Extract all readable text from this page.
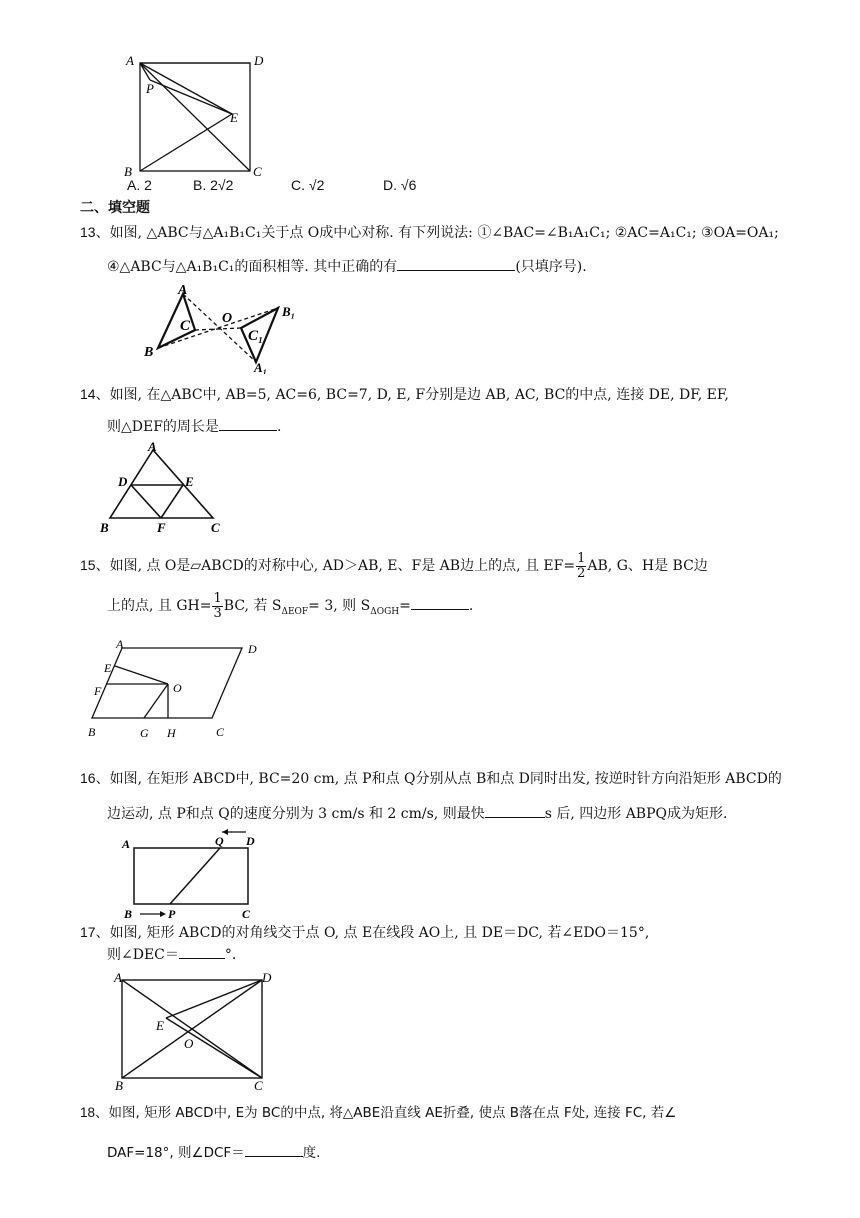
A	D
P
E
B	C
A. 2	B. 2√2	C. √2	D. √6
二、填空题
13、如图, △ABC与△A₁B₁C₁关于点 O成中心对称. 有下列说法: ①∠BAC=∠B₁A₁C₁; ②AC=A₁C₁; ③OA=OA₁;
④△ABC与△A₁B₁C₁的面积相等. 其中正确的有	(只填序号).
A
B
C O	B₁
C₁
A₁
14、如图, 在△ABC中, AB=5, AC=6, BC=7, D, E, F分别是边 AB, AC, BC的中点, 连接 DE, DF, EF,
则△DEF的周长是	.
A
D	E
B	F	C
15、如图, 点 O是▱ABCD的对称中心, AD＞AB, E、F是 AB边上的点, 且 $EF= \frac{1}{2}$ AB, G、H是 BC边
上的点, 且 $GH= \frac{1}{3}$ BC, 若 $S_{\Delta EOF}= 3$, 则 $S_{\Delta OGH}=$	.
A	D
E
F	O
B	G H	C
16、如图, 在矩形 ABCD中, BC=20 cm, 点 P和点 Q分别从点 B和点 D同时出发, 按逆时针方向沿矩形 ABCD的
边运动, 点 P和点 Q的速度分别为 3 cm/s 和 2 cm/s, 则最快	s 后, 四边形 ABPQ成为矩形.
A	Q D
B	P	C
17、如图, 矩形 ABCD的对角线交于点 O, 点 E在线段 AO上, 且 DE＝DC, 若∠EDO＝15°,
则∠DEC＝	°.
A	D
E
O
B	C
18、如图, 矩形 ABCD中, E为 BC的中点, 将△ABE沿直线 AE折叠, 使点 B落在点 F处, 连接 FC, 若∠
DAF=18°, 则∠DCF＝	度.
